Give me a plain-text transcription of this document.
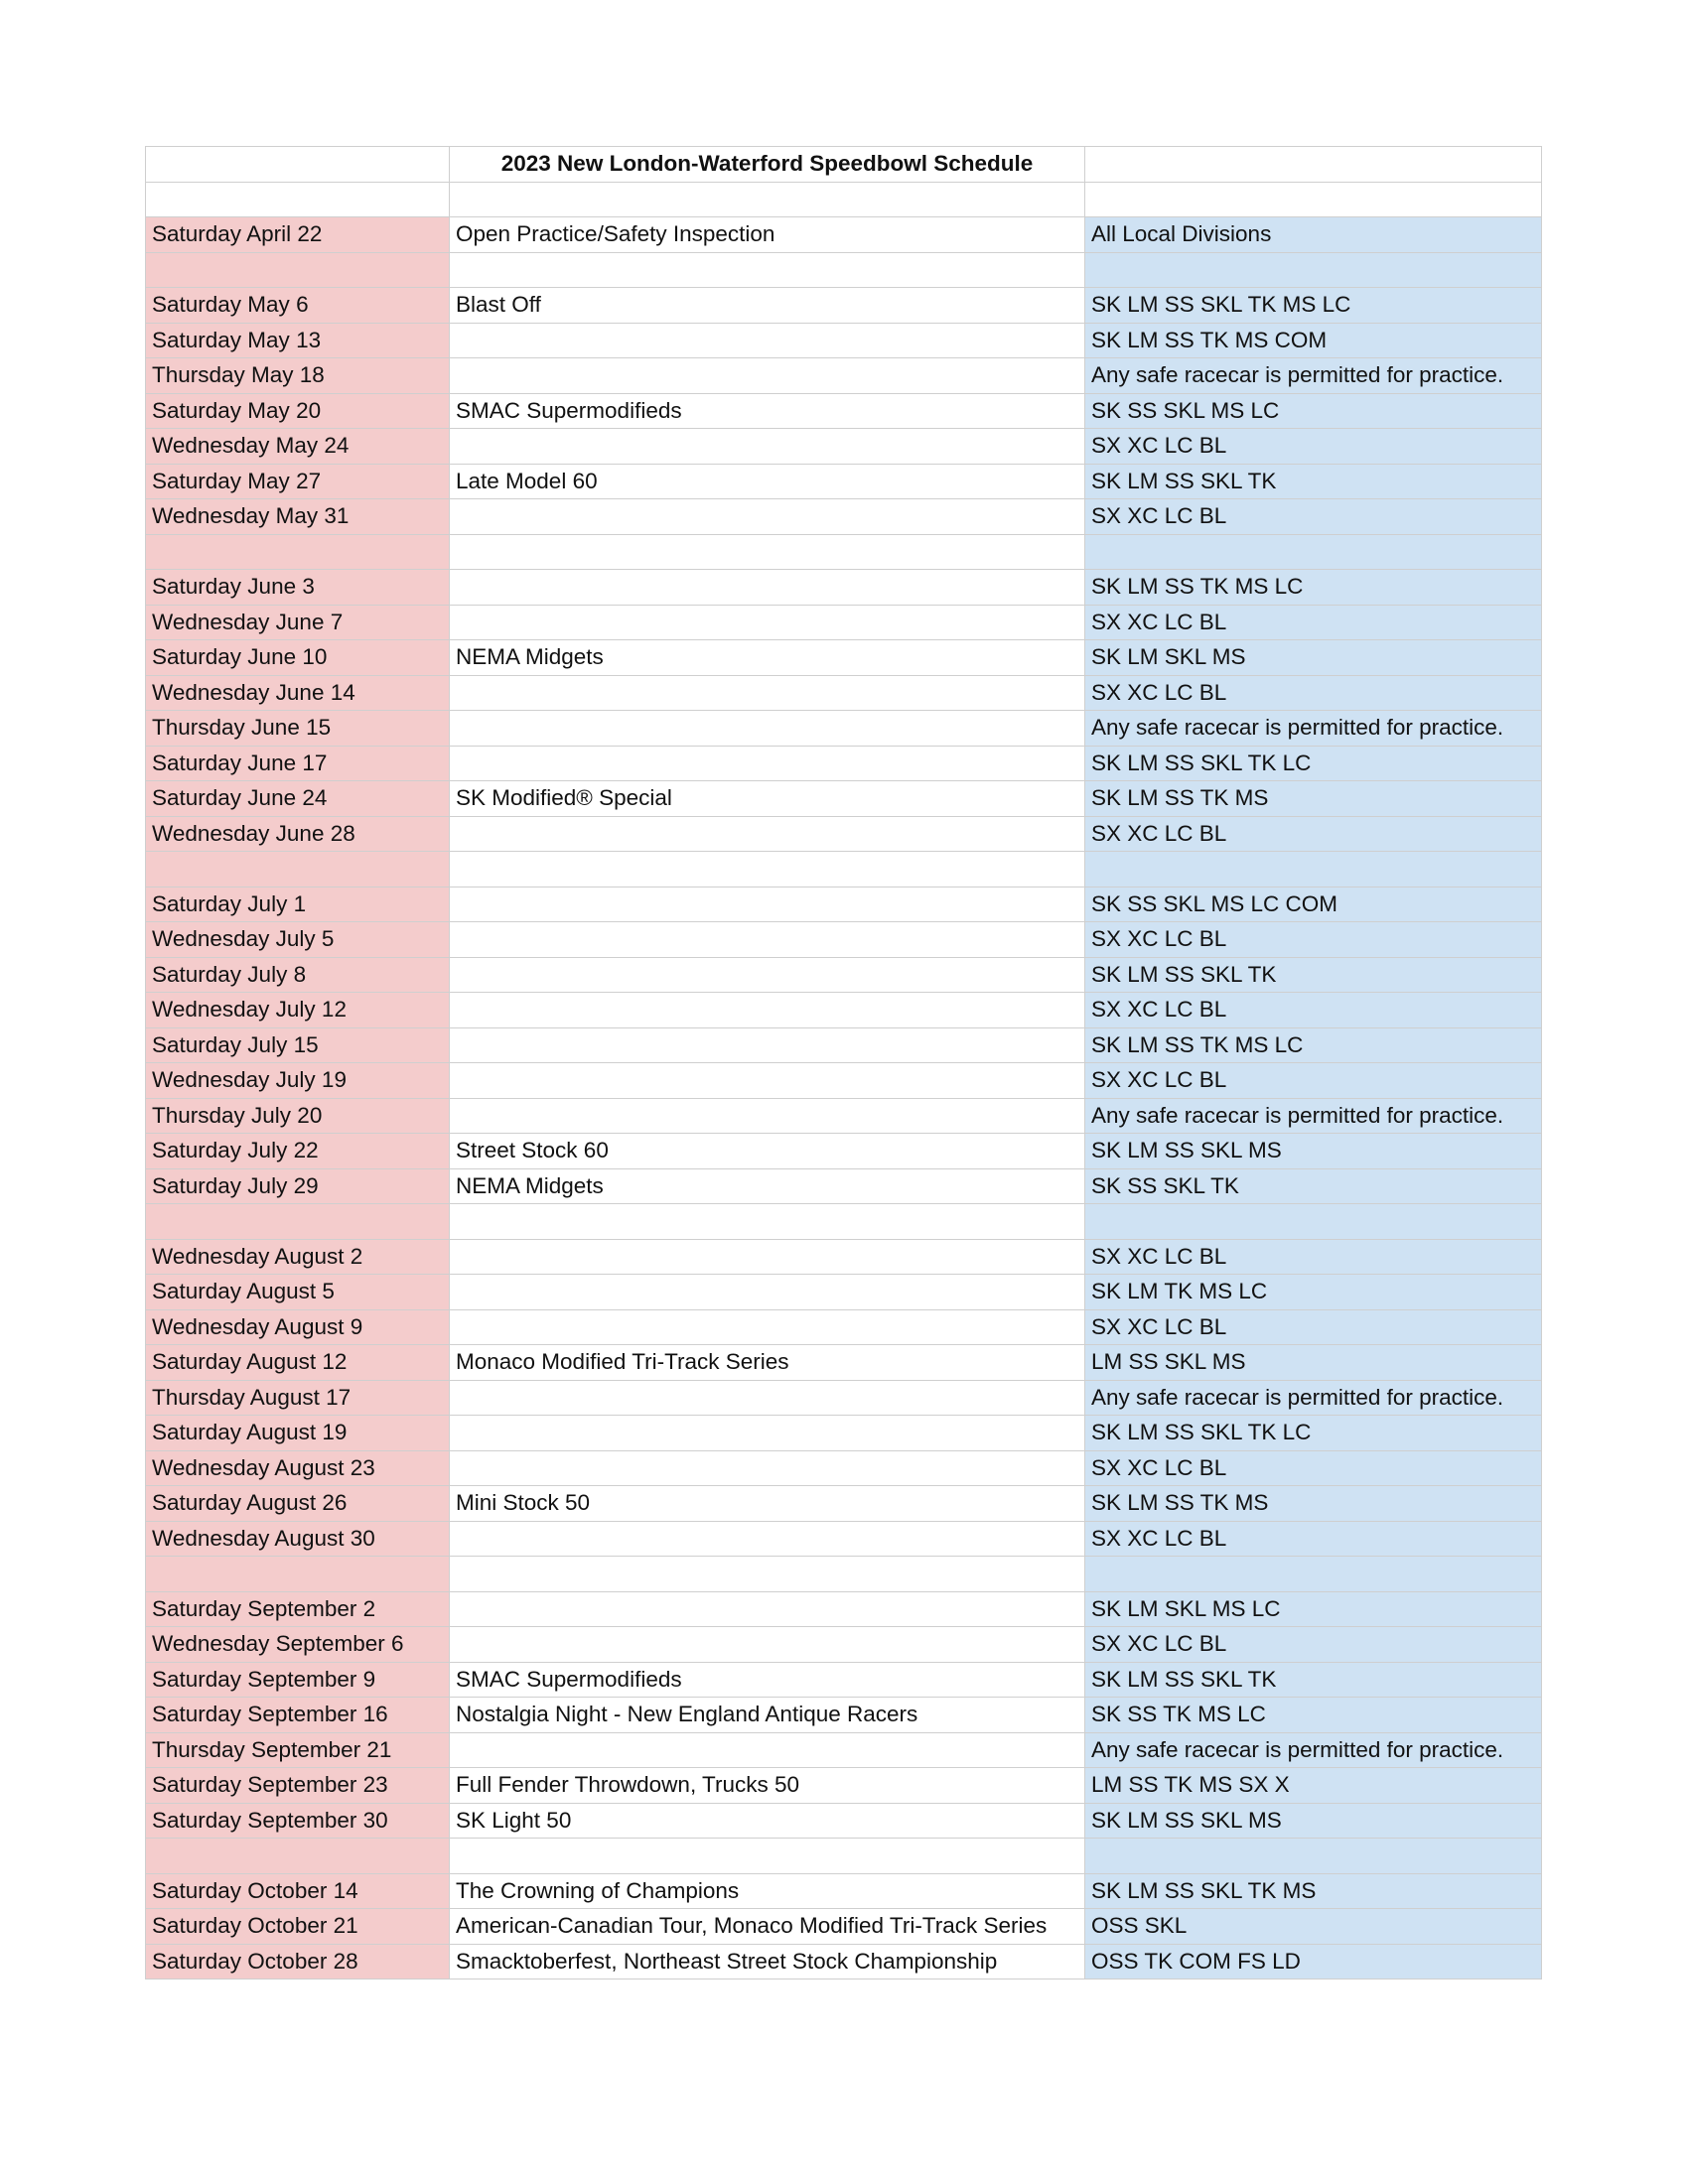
	2023 New London-Waterford Speedbowl Schedule	

Saturday April 22	Open Practice/Safety Inspection	All Local Divisions

Saturday May 6	Blast Off	SK LM SS SKL TK MS LC
Saturday May 13		SK LM SS TK MS COM
Thursday May 18		Any safe racecar is permitted for practice.
Saturday May 20	SMAC Supermodifieds	SK SS SKL MS LC
Wednesday May 24		SX XC LC BL
Saturday May 27	Late Model 60	SK LM SS SKL TK
Wednesday May 31		SX XC LC BL

Saturday June 3		SK LM SS TK MS LC
Wednesday June 7		SX XC LC BL
Saturday June 10	NEMA Midgets	SK LM SKL MS
Wednesday June 14		SX XC LC BL
Thursday June 15		Any safe racecar is permitted for practice.
Saturday June 17		SK LM SS SKL TK LC
Saturday June 24	SK Modified® Special	SK LM SS TK MS
Wednesday June 28		SX XC LC BL

Saturday July 1		SK SS SKL MS LC COM
Wednesday July 5		SX XC LC BL
Saturday July 8		SK LM SS SKL TK
Wednesday July 12		SX XC LC BL
Saturday July 15		SK LM SS TK MS LC
Wednesday July 19		SX XC LC BL
Thursday July 20		Any safe racecar is permitted for practice.
Saturday July 22	Street Stock 60	SK LM SS SKL MS
Saturday July 29	NEMA Midgets	SK SS SKL TK

Wednesday August 2		SX XC LC BL
Saturday August 5		SK LM TK MS LC
Wednesday August 9		SX XC LC BL
Saturday August 12	Monaco Modified Tri-Track Series	LM SS SKL MS
Thursday August 17		Any safe racecar is permitted for practice.
Saturday August 19		SK LM SS SKL TK LC
Wednesday August 23		SX XC LC BL
Saturday August 26	Mini Stock 50	SK LM SS TK MS
Wednesday August 30		SX XC LC BL

Saturday September 2		SK LM SKL MS LC
Wednesday September 6		SX XC LC BL
Saturday September 9	SMAC Supermodifieds	SK LM SS SKL TK
Saturday September 16	Nostalgia Night - New England Antique Racers	SK SS TK MS LC
Thursday September 21		Any safe racecar is permitted for practice.
Saturday September 23	Full Fender Throwdown, Trucks 50	LM SS TK MS SX X
Saturday September 30	SK Light 50	SK LM SS SKL MS

Saturday October 14	The Crowning of Champions	SK LM SS SKL TK MS
Saturday October 21	American-Canadian Tour, Monaco Modified Tri-Track Series	OSS SKL
Saturday October 28	Smacktoberfest, Northeast Street Stock Championship	OSS TK COM FS LD
